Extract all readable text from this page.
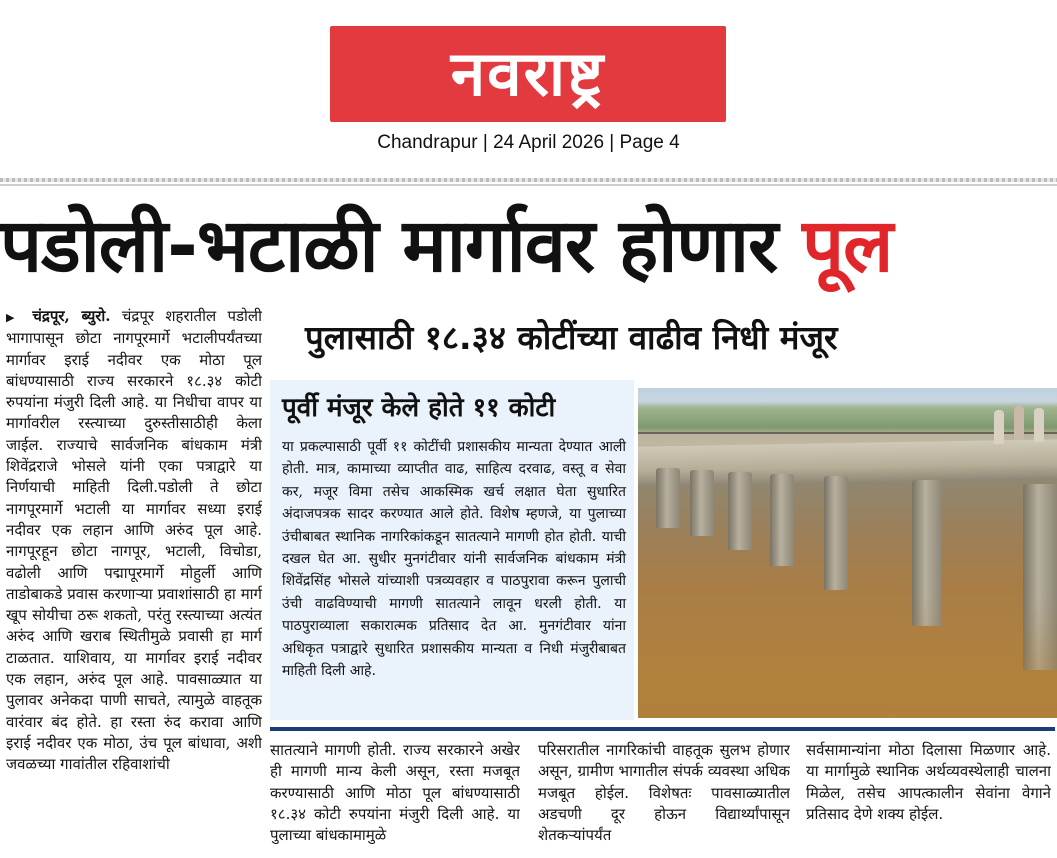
नवराष्ट्र
Chandrapur | 24 April 2026 | Page 4
पडोली-भटाळी मार्गावर होणार पूल
▶ चंद्रपूर, ब्युरो. चंद्रपूर शहरातील पडोली भागापासून छोटा नागपूरमार्गे भटालीपर्यंतच्या मार्गावर इराई नदीवर एक मोठा पूल बांधण्यासाठी राज्य सरकारने १८.३४ कोटी रुपयांना मंजुरी दिली आहे. या निधीचा वापर या मार्गावरील रस्त्याच्या दुरुस्तीसाठीही केला जाईल. राज्याचे सार्वजनिक बांधकाम मंत्री शिवेंद्रराजे भोसले यांनी एका पत्राद्वारे या निर्णयाची माहिती दिली.पडोली ते छोटा नागपूरमार्गे भटाली या मार्गावर सध्या इराई नदीवर एक लहान आणि अरुंद पूल आहे. नागपूरहून छोटा नागपूर, भटाली, विचोडा, वढोली आणि पद्मापूरमार्गे मोहुर्ली आणि ताडोबाकडे प्रवास करणाऱ्या प्रवाशांसाठी हा मार्ग खूप सोयीचा ठरू शकतो, परंतु रस्त्याच्या अत्यंत अरुंद आणि खराब स्थितीमुळे प्रवासी हा मार्ग टाळतात. याशिवाय, या मार्गावर इराई नदीवर एक लहान, अरुंद पूल आहे. पावसाळ्यात या पुलावर अनेकदा पाणी साचते, त्यामुळे वाहतूक वारंवार बंद होते. हा रस्ता रुंद करावा आणि इराई नदीवर एक मोठा, उंच पूल बांधावा, अशी जवळच्या गावांतील रहिवाशांची
पुलासाठी १८.३४ कोटींच्या वाढीव निधी मंजूर
पूर्वी मंजूर केले होते ११ कोटी
या प्रकल्पासाठी पूर्वी ११ कोटींची प्रशासकीय मान्यता देण्यात आली होती. मात्र, कामाच्या व्याप्तीत वाढ, साहित्य दरवाढ, वस्तू व सेवा कर, मजूर विमा तसेच आकस्मिक खर्च लक्षात घेता सुधारित अंदाजपत्रक सादर करण्यात आले होते. विशेष म्हणजे, या पुलाच्या उंचीबाबत स्थानिक नागरिकांकडून सातत्याने मागणी होत होती. याची दखल घेत आ. सुधीर मुनगंटीवार यांनी सार्वजनिक बांधकाम मंत्री शिवेंद्रसिंह भोसले यांच्याशी पत्रव्यवहार व पाठपुरावा करून पुलाची उंची वाढविण्याची मागणी सातत्याने लावून धरली होती. या पाठपुराव्याला सकारात्मक प्रतिसाद देत आ. मुनगंटीवार यांना अधिकृत पत्राद्वारे सुधारित प्रशासकीय मान्यता व निधी मंजुरीबाबत माहिती दिली आहे.
सातत्याने मागणी होती. राज्य सरकारने अखेर ही मागणी मान्य केली असून, रस्ता मजबूत करण्यासाठी आणि मोठा पूल बांधण्यासाठी १८.३४ कोटी रुपयांना मंजुरी दिली आहे. या पुलाच्या बांधकामामुळे
परिसरातील नागरिकांची वाहतूक सुलभ होणार असून, ग्रामीण भागातील संपर्क व्यवस्था अधिक मजबूत होईल. विशेषतः पावसाळ्यातील अडचणी दूर होऊन विद्यार्थ्यांपासून शेतकऱ्यांपर्यंत
सर्वसामान्यांना मोठा दिलासा मिळणार आहे. या मार्गामुळे स्थानिक अर्थव्यवस्थेलाही चालना मिळेल, तसेच आपत्कालीन सेवांना वेगाने प्रतिसाद देणे शक्य होईल.
